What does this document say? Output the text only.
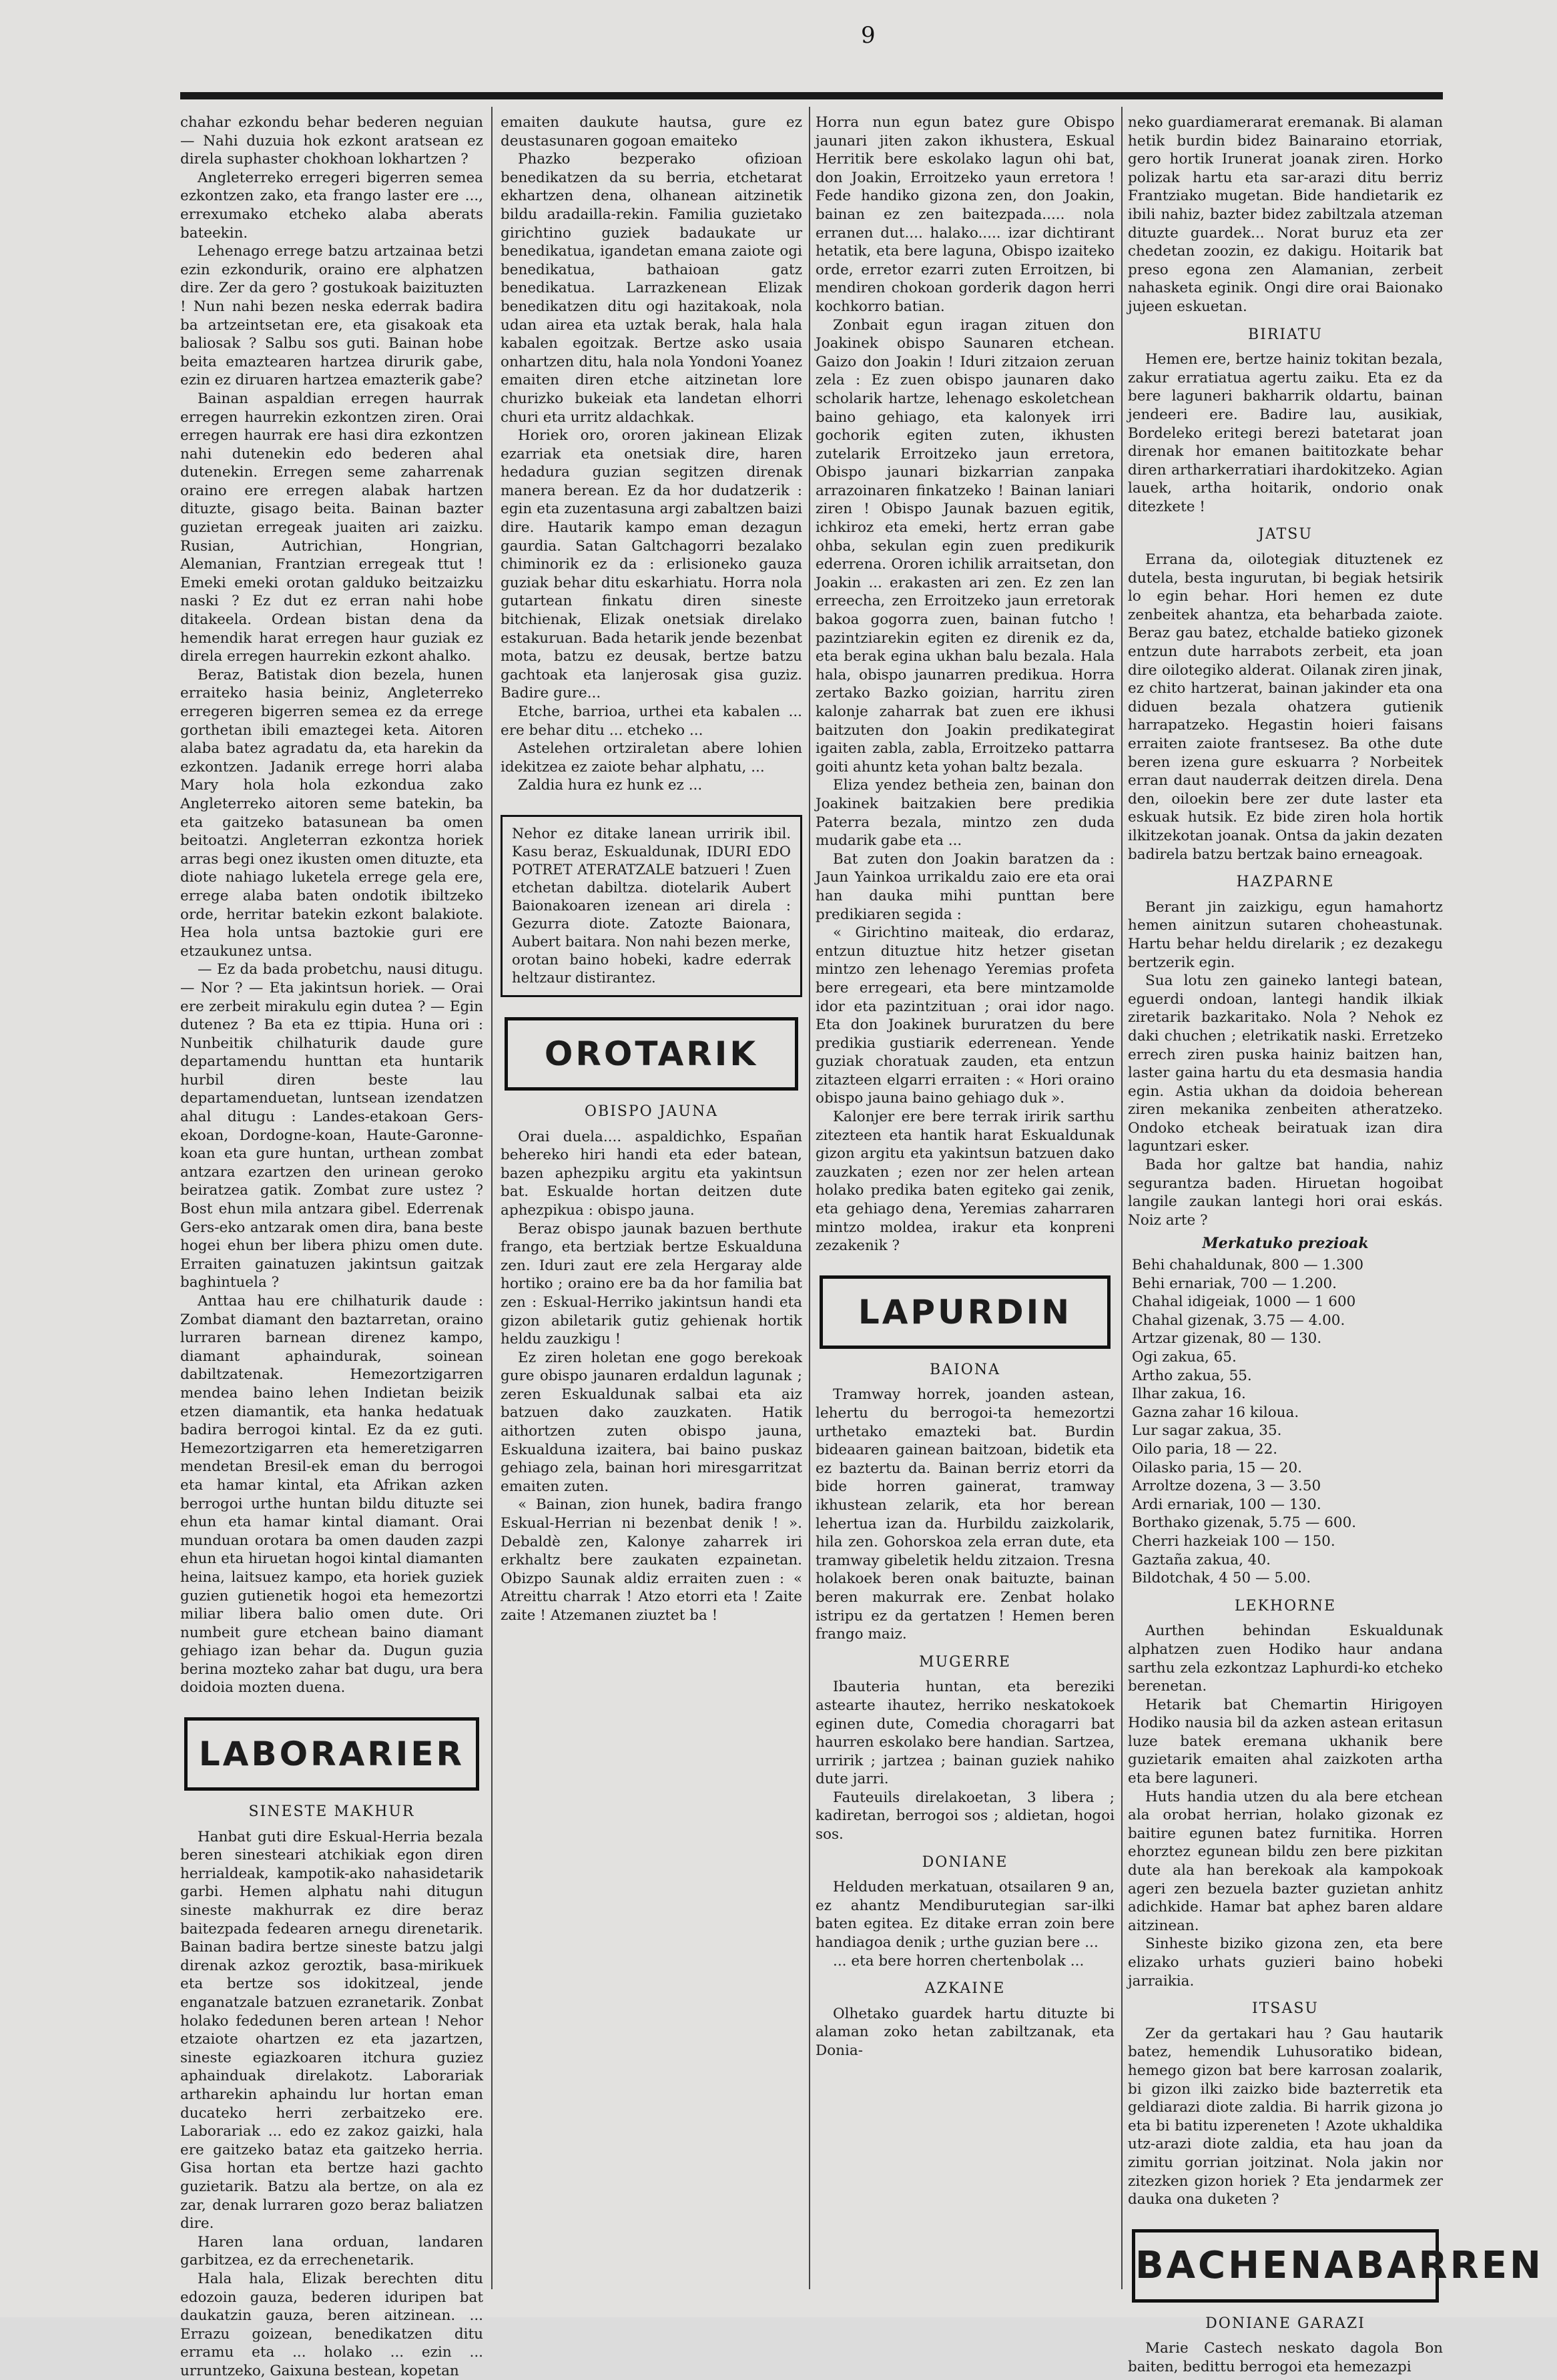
9

chahar ezkondu behar bederen neguian — Nahi duzuia hok ezkont aratsean ez direla suphaster chokhoan lokhartzen ?

Angleterreko erregeri bigerren semea ezkontzen zako, eta frango laster ere ..., errexumako etcheko alaba aberats bateekin.

Lehenago errege batzu artzainaa betzi ezin ezkondurik, oraino ere alphatzen dire. Zer da gero ? gostukoak baizituzten ! Nun nahi bezen neska ederrak badira ba artzeintsetan ere, eta gisakoak eta baliosak ? Salbu sos guti. Bainan hobe beita emaztearen hartzea dirurik gabe, ezin ez diruaren hartzea emazterik gabe?

Bainan aspaldian erregen haurrak erregen haurrekin ezkontzen ziren. Orai erregen haurrak ere hasi dira ezkontzen nahi dutenekin edo bederen ahal dutenekin. Erregen seme zaharrenak oraino ere erregen alabak hartzen dituzte, gisago beita. Bainan bazter guzietan erregeak juaiten ari zaizku. Rusian, Autrichian, Hongrian, Alemanian, Frantzian erregeak ttut ! Emeki emeki orotan galduko beitzaizku naski ? Ez dut ez erran nahi hobe ditakeela. Ordean bistan dena da hemendik harat erregen haur guziak ez direla erregen haurrekin ezkont ahalko.

Beraz, Batistak dion bezela, hunen erraiteko hasia beiniz, Angleterreko erregeren bigerren semea ez da errege gorthetan ibili emaztegei keta. Aitoren alaba batez agradatu da, eta harekin da ezkontzen. Jadanik errege horri alaba Mary hola hola ezkondua zako Angleterreko aitoren seme batekin, ba eta gaitzeko batasunean ba omen beitoatzi. Angleterran ezkontza horiek arras begi onez ikusten omen dituzte, eta diote nahiago luketela errege gela ere, errege alaba baten ondotik ibiltzeko orde, herritar batekin ezkont balakiote. Hea hola untsa baztokie guri ere etzaukunez untsa.

— Ez da bada probetchu, nausi ditugu. — Nor ? — Eta jakintsun horiek. — Orai ere zerbeit mirakulu egin dutea ? — Egin dutenez ? Ba eta ez ttipia. Huna ori : Nunbeitik chilhaturik daude gure departamendu hunttan eta huntarik hurbil diren beste lau departamenduetan, luntsean izendatzen ahal ditugu : Landes-etakoan Gers-ekoan, Dordogne-koan, Haute-Garonne-koan eta gure huntan, urthean zombat antzara ezartzen den urinean geroko beiratzea gatik. Zombat zure ustez ? Bost ehun mila antzara gibel. Ederrenak Gers-eko antzarak omen dira, bana beste hogei ehun ber libera phizu omen dute. Erraiten gainatuzen jakintsun gaitzak baghintuela ?

Anttaa hau ere chilhaturik daude : Zombat diamant den baztarretan, oraino lurraren barnean direnez kampo, diamant aphaindurak, soinean dabiltzatenak. Hemezortzigarren mendea baino lehen Indietan beizik etzen diamantik, eta hanka hedatuak badira berrogoi kintal. Ez da ez guti. Hemezortzigarren eta hemeretzigarren mendetan Bresil-ek eman du berrogoi eta hamar kintal, eta Afrikan azken berrogoi urthe huntan bildu dituzte sei ehun eta hamar kintal diamant. Orai munduan orotara ba omen dauden zazpi ehun eta hiruetan hogoi kintal diamanten heina, laitsuez kampo, eta horiek guziek guzien gutienetik hogoi eta hemezortzi miliar libera balio omen dute. Ori numbeit gure etchean baino diamant gehiago izan behar da. Dugun guzia berina mozteko zahar bat dugu, ura bera doidoia mozten duena.

LABORARIER
SINESTE MAKHUR

Hanbat guti dire Eskual-Herria bezala beren sinesteari atchikiak egon diren herrialdeak, kampotik-ako nahasidetarik garbi. Hemen alphatu nahi ditugun sineste makhurrak ez dire beraz baitezpada fedearen arnegu direnetarik. Bainan badira bertze sineste batzu jalgi direnak azkoz geroztik, basa-mirikuek eta bertze sos idokitzeal, jende enganatzale batzuen ezranetarik. Zonbat holako fededunen beren artean ! Nehor etzaiote ohartzen ez eta jazartzen, sineste egiazkoaren itchura guziez aphainduak direlakotz. Laborariak artharekin aphaindu lur hortan eman ducateko herri zerbaitzeko ere. Laborariak ... edo ez zakoz gaizki, hala ere gaitzeko bataz eta gaitzeko herria. Gisa hortan eta bertze hazi gachto guzietarik. Batzu ala bertze, on ala ez zar, denak lurraren gozo beraz baliatzen dire.

Haren lana orduan, landaren garbitzea, ez da errechenetarik.

Hala hala, Elizak berechten ditu edozoin gauza, bederen iduripen bat daukatzin gauza, beren aitzinean. ... Errazu goizean, benedikatzen ditu erramu eta ... holako ... ezin ... urruntzeko, Gaixuna bestean, kopetan

emaiten daukute hautsa, gure ez deustasunaren gogoan emaiteko

Phazko bezperako ofizioan benedikatzen da su berria, etchetarat ekhartzen dena, olhanean aitzinetik bildu aradailla-rekin. Familia guzietako girichtino guziek badaukate ur benedikatua, igandetan emana zaiote ogi benedikatua, bathaioan gatz benedikatua. Larrazkenean Elizak benedikatzen ditu ogi hazitakoak, nola udan airea eta uztak berak, hala hala kabalen egoitzak. Bertze asko usaia onhartzen ditu, hala nola Yondoni Yoanez emaiten diren etche aitzinetan lore churizko bukeiak eta landetan elhorri churi eta urritz aldachkak.

Horiek oro, ororen jakinean Elizak ezarriak eta onetsiak dire, haren hedadura guzian segitzen direnak manera berean. Ez da hor dudatzerik : egin eta zuzentasuna argi zabaltzen baizi dire. Hautarik kampo eman dezagun gaurdia. Satan Galtchagorri bezalako chiminorik ez da : erlisioneko gauza guziak behar ditu eskarhiatu. Horra nola gutartean finkatu diren sineste bitchienak, Elizak onetsiak direlako estakuruan. Bada hetarik jende bezenbat mota, batzu ez deusak, bertze batzu gachtoak eta lanjerosak gisa guziz. Badire gure...

Etche, barrioa, urthei eta kabalen ... ere behar ditu ... etcheko ...

Astelehen ortziraletan abere lohien idekitzea ez zaiote behar alphatu, ...

Zaldia hura ez hunk ez ...

Nehor ez ditake lanean urririk ibil. Kasu beraz, Eskualdunak, IDURI EDO POTRET ATERATZALE batzueri ! Zuen etchetan dabiltza. diotelarik Aubert Baionakoaren izenean ari direla : Gezurra diote. Zatozte Baionara, Aubert baitara. Non nahi bezen merke, orotan baino hobeki, kadre ederrak heltzaur distirantez.
OROTARIK
OBISPO JAUNA

Orai duela.... aspaldichko, Españan behereko hiri handi eta eder batean, bazen aphezpiku argitu eta yakintsun bat. Eskualde hortan deitzen dute aphezpikua : obispo jauna.

Beraz obispo jaunak bazuen berthute frango, eta bertziak bertze Eskualduna zen. Iduri zaut ere zela Hergaray alde hortiko ; oraino ere ba da hor familia bat zen : Eskual-Herriko jakintsun handi eta gizon abiletarik gutiz gehienak hortik heldu zauzkigu !

Ez ziren holetan ene gogo berekoak gure obispo jaunaren erdaldun lagunak ; zeren Eskualdunak salbai eta aiz batzuen dako zauzkaten. Hatik aithortzen zuten obispo jauna, Eskualduna izaitera, bai baino puskaz gehiago zela, bainan hori miresgarritzat emaiten zuten.

« Bainan, zion hunek, badira frango Eskual-Herrian ni bezenbat denik ! ». Debaldè zen, Kalonye zaharrek iri erkhaltz bere zaukaten ezpainetan. Obizpo Saunak aldiz erraiten zuen : « Atreittu charrak ! Atzo etorri eta ! Zaite zaite ! Atzemanen ziuztet ba !

Horra nun egun batez gure Obispo jaunari jiten zakon ikhustera, Eskual Herritik bere eskolako lagun ohi bat, don Joakin, Erroitzeko yaun erretora ! Fede handiko gizona zen, don Joakin, bainan ez zen baitezpada..... nola erranen dut.... halako..... izar dichtirant hetatik, eta bere laguna, Obispo izaiteko orde, erretor ezarri zuten Erroitzen, bi mendiren chokoan gorderik dagon herri kochkorro batian.

Zonbait egun iragan zituen don Joakinek obispo Saunaren etchean. Gaizo don Joakin ! Iduri zitzaion zeruan zela : Ez zuen obispo jaunaren dako scholarik hartze, lehenago eskoletchean baino gehiago, eta kalonyek irri gochorik egiten zuten, ikhusten zutelarik Erroitzeko jaun erretora, Obispo jaunari bizkarrian zanpaka arrazoinaren finkatzeko ! Bainan laniari ziren ! Obispo Jaunak bazuen egitik, ichkiroz eta emeki, hertz erran gabe ohba, sekulan egin zuen predikurik ederrena. Ororen ichilik arraitsetan, don Joakin ... erakasten ari zen. Ez zen lan erreecha, zen Erroitzeko jaun erretorak bakoa gogorra zuen, bainan futcho ! pazintziarekin egiten ez direnik ez da, eta berak egina ukhan balu bezala. Hala hala, obispo jaunarren predikua. Horra zertako Bazko goizian, harritu ziren kalonje zaharrak bat zuen ere ikhusi baitzuten don Joakin predikategirat igaiten zabla, zabla, Erroitzeko pattarra goiti ahuntz keta yohan baltz bezala.

Eliza yendez betheia zen, bainan don Joakinek baitzakien bere predikia Paterra bezala, mintzo zen duda mudarik gabe eta ...

Bat zuten don Joakin baratzen da : Jaun Yainkoa urrikaldu zaio ere eta orai han dauka mihi punttan bere predikiaren segida :

« Girichtino maiteak, dio erdaraz, entzun dituztue hitz hetzer gisetan mintzo zen lehenago Yeremias profeta bere erregeari, eta bere mintzamolde idor eta pazintzituan ; orai idor nago. Eta don Joakinek bururatzen du bere predikia gustiarik ederrenean. Yende guziak choratuak zauden, eta entzun zitazteen elgarri erraiten : « Hori oraino obispo jauna baino gehiago duk ».

Kalonjer ere bere terrak iririk sarthu zitezteen eta hantik harat Eskualdunak gizon argitu eta yakintsun batzuen dako zauzkaten ; ezen nor zer helen artean holako predika baten egiteko gai zenik, eta gehiago dena, Yeremias zaharraren mintzo moldea, irakur eta konpreni zezakenik ?

LAPURDIN
BAIONA

Tramway horrek, joanden astean, lehertu du berrogoi-ta hemezortzi urthetako emazteki bat. Burdin bideaaren gainean baitzoan, bidetik eta ez baztertu da. Bainan berriz etorri da bide horren gainerat, tramway ikhustean zelarik, eta hor berean lehertua izan da. Hurbildu zaizkolarik, hila zen. Gohorskoa zela erran dute, eta tramway gibeletik heldu zitzaion. Tresna holakoek beren onak baituzte, bainan beren makurrak ere. Zenbat holako istripu ez da gertatzen ! Hemen beren frango maiz.

MUGERRE

Ibauteria huntan, eta bereziki astearte ihautez, herriko neskatokoek eginen dute, Comedia choragarri bat haurren eskolako bere handian. Sartzea, urririk ; jartzea ; bainan guziek nahiko dute jarri.

Fauteuils direlakoetan, 3 libera ; kadiretan, berrogoi sos ; aldietan, hogoi sos.

DONIANE

Helduden merkatuan, otsailaren 9 an, ez ahantz Mendiburutegian sar-ilki baten egitea. Ez ditake erran zoin bere handiagoa denik ; urthe guzian bere ...

... eta bere horren chertenbolak ...

AZKAINE

Olhetako guardek hartu dituzte bi alaman zoko hetan zabiltzanak, eta Donia-

neko guardiamerarat eremanak. Bi alaman hetik burdin bidez Bainaraino etorriak, gero hortik Irunerat joanak ziren. Horko polizak hartu eta sar-arazi ditu berriz Frantziako mugetan. Bide handietarik ez ibili nahiz, bazter bidez zabiltzala atzeman dituzte guardek... Norat buruz eta zer chedetan zoozin, ez dakigu. Hoitarik bat preso egona zen Alamanian, zerbeit nahasketa eginik. Ongi dire orai Baionako jujeen eskuetan.

BIRIATU

Hemen ere, bertze hainiz tokitan bezala, zakur erratiatua agertu zaiku. Eta ez da bere laguneri bakharrik oldartu, bainan jendeeri ere. Badire lau, ausikiak, Bordeleko eritegi berezi batetarat joan direnak hor emanen baititozkate behar diren artharkerratiari ihardokitzeko. Agian lauek, artha hoitarik, ondorio onak ditezkete !

JATSU

Errana da, oilotegiak dituztenek ez dutela, besta ingurutan, bi begiak hetsirik lo egin behar. Hori hemen ez dute zenbeitek ahantza, eta beharbada zaiote. Beraz gau batez, etchalde batieko gizonek entzun dute harrabots zerbeit, eta joan dire oilotegiko alderat. Oilanak ziren jinak, ez chito hartzerat, bainan jakinder eta ona diduen bezala ohatzera gutienik harrapatzeko. Hegastin hoieri faisans erraiten zaiote frantsesez. Ba othe dute beren izena gure eskuarra ? Norbeitek erran daut nauderrak deitzen direla. Dena den, oiloekin bere zer dute laster eta eskuak hutsik. Ez bide ziren hola hortik ilkitzekotan joanak. Ontsa da jakin dezaten badirela batzu bertzak baino erneagoak.

HAZPARNE

Berant jin zaizkigu, egun hamahortz hemen ainitzun sutaren choheastunak. Hartu behar heldu direlarik ; ez dezakegu bertzerik egin.

Sua lotu zen gaineko lantegi batean, eguerdi ondoan, lantegi handik ilkiak ziretarik bazkaritako. Nola ? Nehok ez daki chuchen ; eletrikatik naski. Erretzeko errech ziren puska hainiz baitzen han, laster gaina hartu du eta desmasia handia egin. Astia ukhan da doidoia beherean ziren mekanika zenbeiten atheratzeko. Ondoko etcheak beiratuak izan dira laguntzari esker.

Bada hor galtze bat handia, nahiz segurantza baden. Hiruetan hogoibat langile zaukan lantegi hori orai eskás. Noiz arte ?

Merkatuko prezioak
Behi chahaldunak, 800 — 1.300
Behi ernariak, 700 — 1.200.
Chahal idigeiak, 1000 — 1 600
Chahal gizenak, 3.75 — 4.00.
Artzar gizenak, 80 — 130.
Ogi zakua, 65.
Artho zakua, 55.
Ilhar zakua, 16.
Gazna zahar 16 kiloua.
Lur sagar zakua, 35.
Oilo paria, 18 — 22.
Oilasko paria, 15 — 20.
Arroltze dozena, 3 — 3.50
Ardi ernariak, 100 — 130.
Borthako gizenak, 5.75 — 600.
Cherri hazkeiak 100 — 150.
Gaztaña zakua, 40.
Bildotchak, 4 50 — 5.00.
LEKHORNE

Aurthen behindan Eskualdunak alphatzen zuen Hodiko haur andana sarthu zela ezkontzaz Laphurdi-ko etcheko berenetan.

Hetarik bat Chemartin Hirigoyen Hodiko nausia bil da azken astean eritasun luze batek eremana ukhanik bere guzietarik emaiten ahal zaizkoten artha eta bere laguneri.

Huts handia utzen du ala bere etchean ala orobat herrian, holako gizonak ez baitire egunen batez furnitika. Horren ehorztez egunean bildu zen bere pizkitan dute ala han berekoak ala kampokoak ageri zen bezuela bazter guzietan anhitz adichkide. Hamar bat aphez baren aldare aitzinean.

Sinheste biziko gizona zen, eta bere elizako urhats guzieri baino hobeki jarraikia.

ITSASU

Zer da gertakari hau ? Gau hautarik batez, hemendik Luhusoratiko bidean, hemego gizon bat bere karrosan zoalarik, bi gizon ilki zaizko bide bazterretik eta geldiarazi diote zaldia. Bi harrik gizona jo eta bi batitu izpereneten ! Azote ukhaldika utz-arazi diote zaldia, eta hau joan da zimitu gorrian joitzinat. Nola jakin nor zitezken gizon horiek ? Eta jendarmek zer dauka ona duketen ?

BACHENABARREN
DONIANE GARAZI

Marie Castech neskato dagola Bon baiten, bedittu berrogoi eta hemezazpi
